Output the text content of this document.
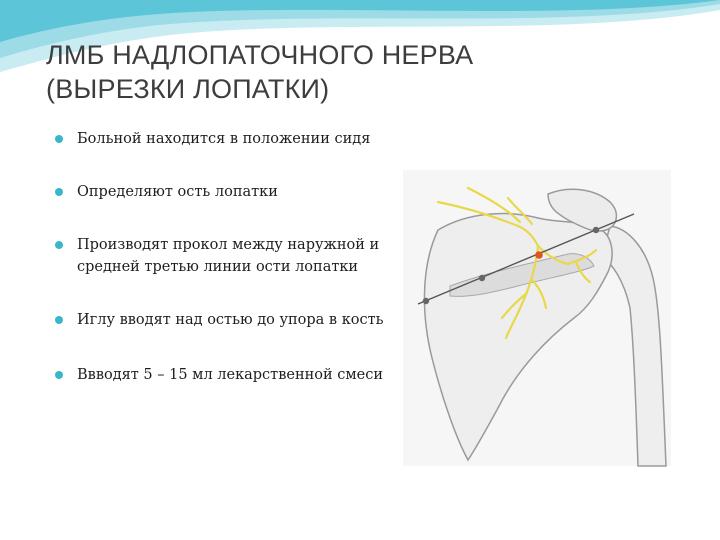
ЛМБ НАДЛОПАТОЧНОГО НЕРВА
(ВЫРЕЗКИ ЛОПАТКИ)
Больной находится в положении сидя
Определяют ость лопатки
Производят прокол между наружной и
средней третью линии ости лопатки
Иглу вводят над остью до упора в кость
Ввводят 5 – 15 мл лекарственной смеси
